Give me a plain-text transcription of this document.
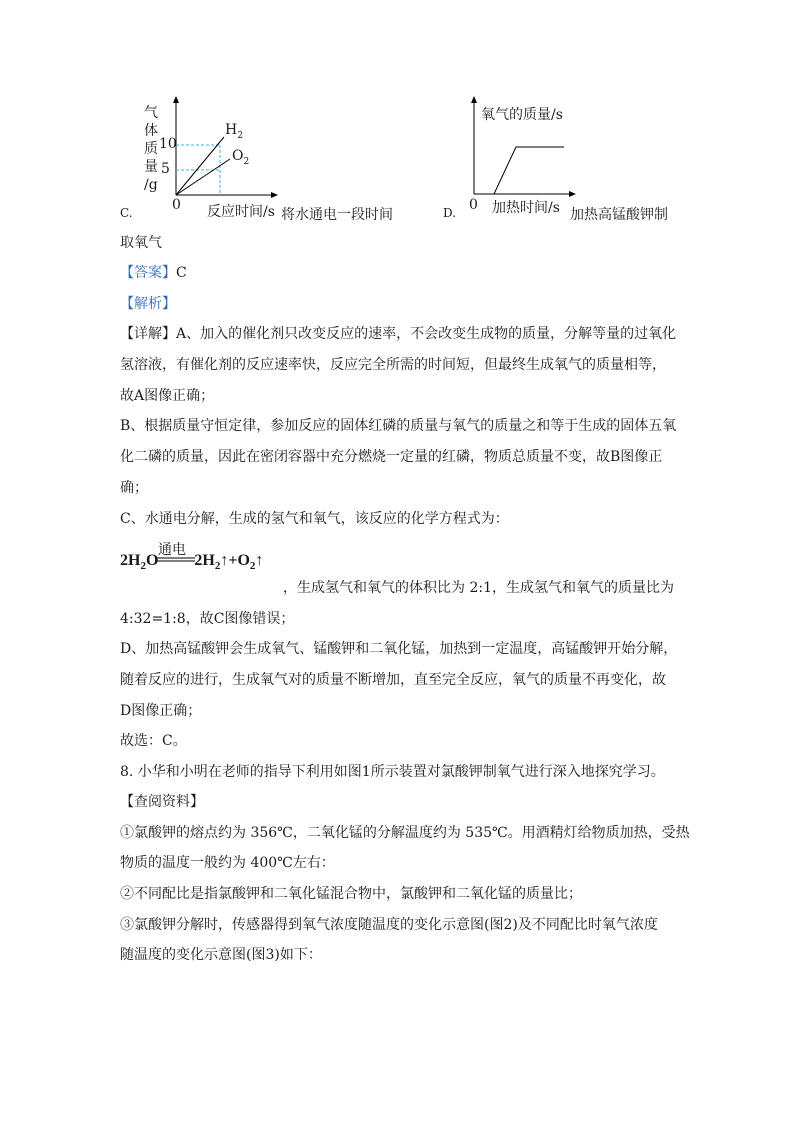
气
体
质
量
/g
10
5
0 反应时间/s
$H_2$
$O_2$
C.	将水通电一段时间
氧气的质量/s
0 加热时间/s
D.	加热高锰酸钾制
取氧气
【答案】C
【解析】
【详解】A、加入的催化剂只改变反应的速率，不会改变生成物的质量，分解等量的过氧化
氢溶液，有催化剂的反应速率快，反应完全所需的时间短，但最终生成氧气的质量相等，
故A图像正确；
B、根据质量守恒定律，参加反应的固体红磷的质量与氧气的质量之和等于生成的固体五氧
化二磷的质量，因此在密闭容器中充分燃烧一定量的红磷，物质总质量不变，故B图像正
确；
C、水通电分解，生成的氢气和氧气，该反应的化学方程式为：
$2H_2O$ $2H_2↑+O_2↑$
通电
，生成氢气和氧气的体积比为 2:1，生成氢气和氧气的质量比为
4:32=1:8，故C图像错误；
D、加热高锰酸钾会生成氧气、锰酸钾和二氧化锰，加热到一定温度，高锰酸钾开始分解，
随着反应的进行，生成氧气对的质量不断增加，直至完全反应，氧气的质量不再变化，故
D图像正确；
故选：C。
8. 小华和小明在老师的指导下利用如图1所示装置对氯酸钾制氧气进行深入地探究学习。
【查阅资料】
①氯酸钾的熔点约为 356℃，二氧化锰的分解温度约为 535℃。用酒精灯给物质加热，受热
物质的温度一般约为 400℃左右：
②不同配比是指氯酸钾和二氧化锰混合物中，氯酸钾和二氧化锰的质量比；
③氯酸钾分解时，传感器得到氧气浓度随温度的变化示意图(图2)及不同配比时氧气浓度
随温度的变化示意图(图3)如下：
